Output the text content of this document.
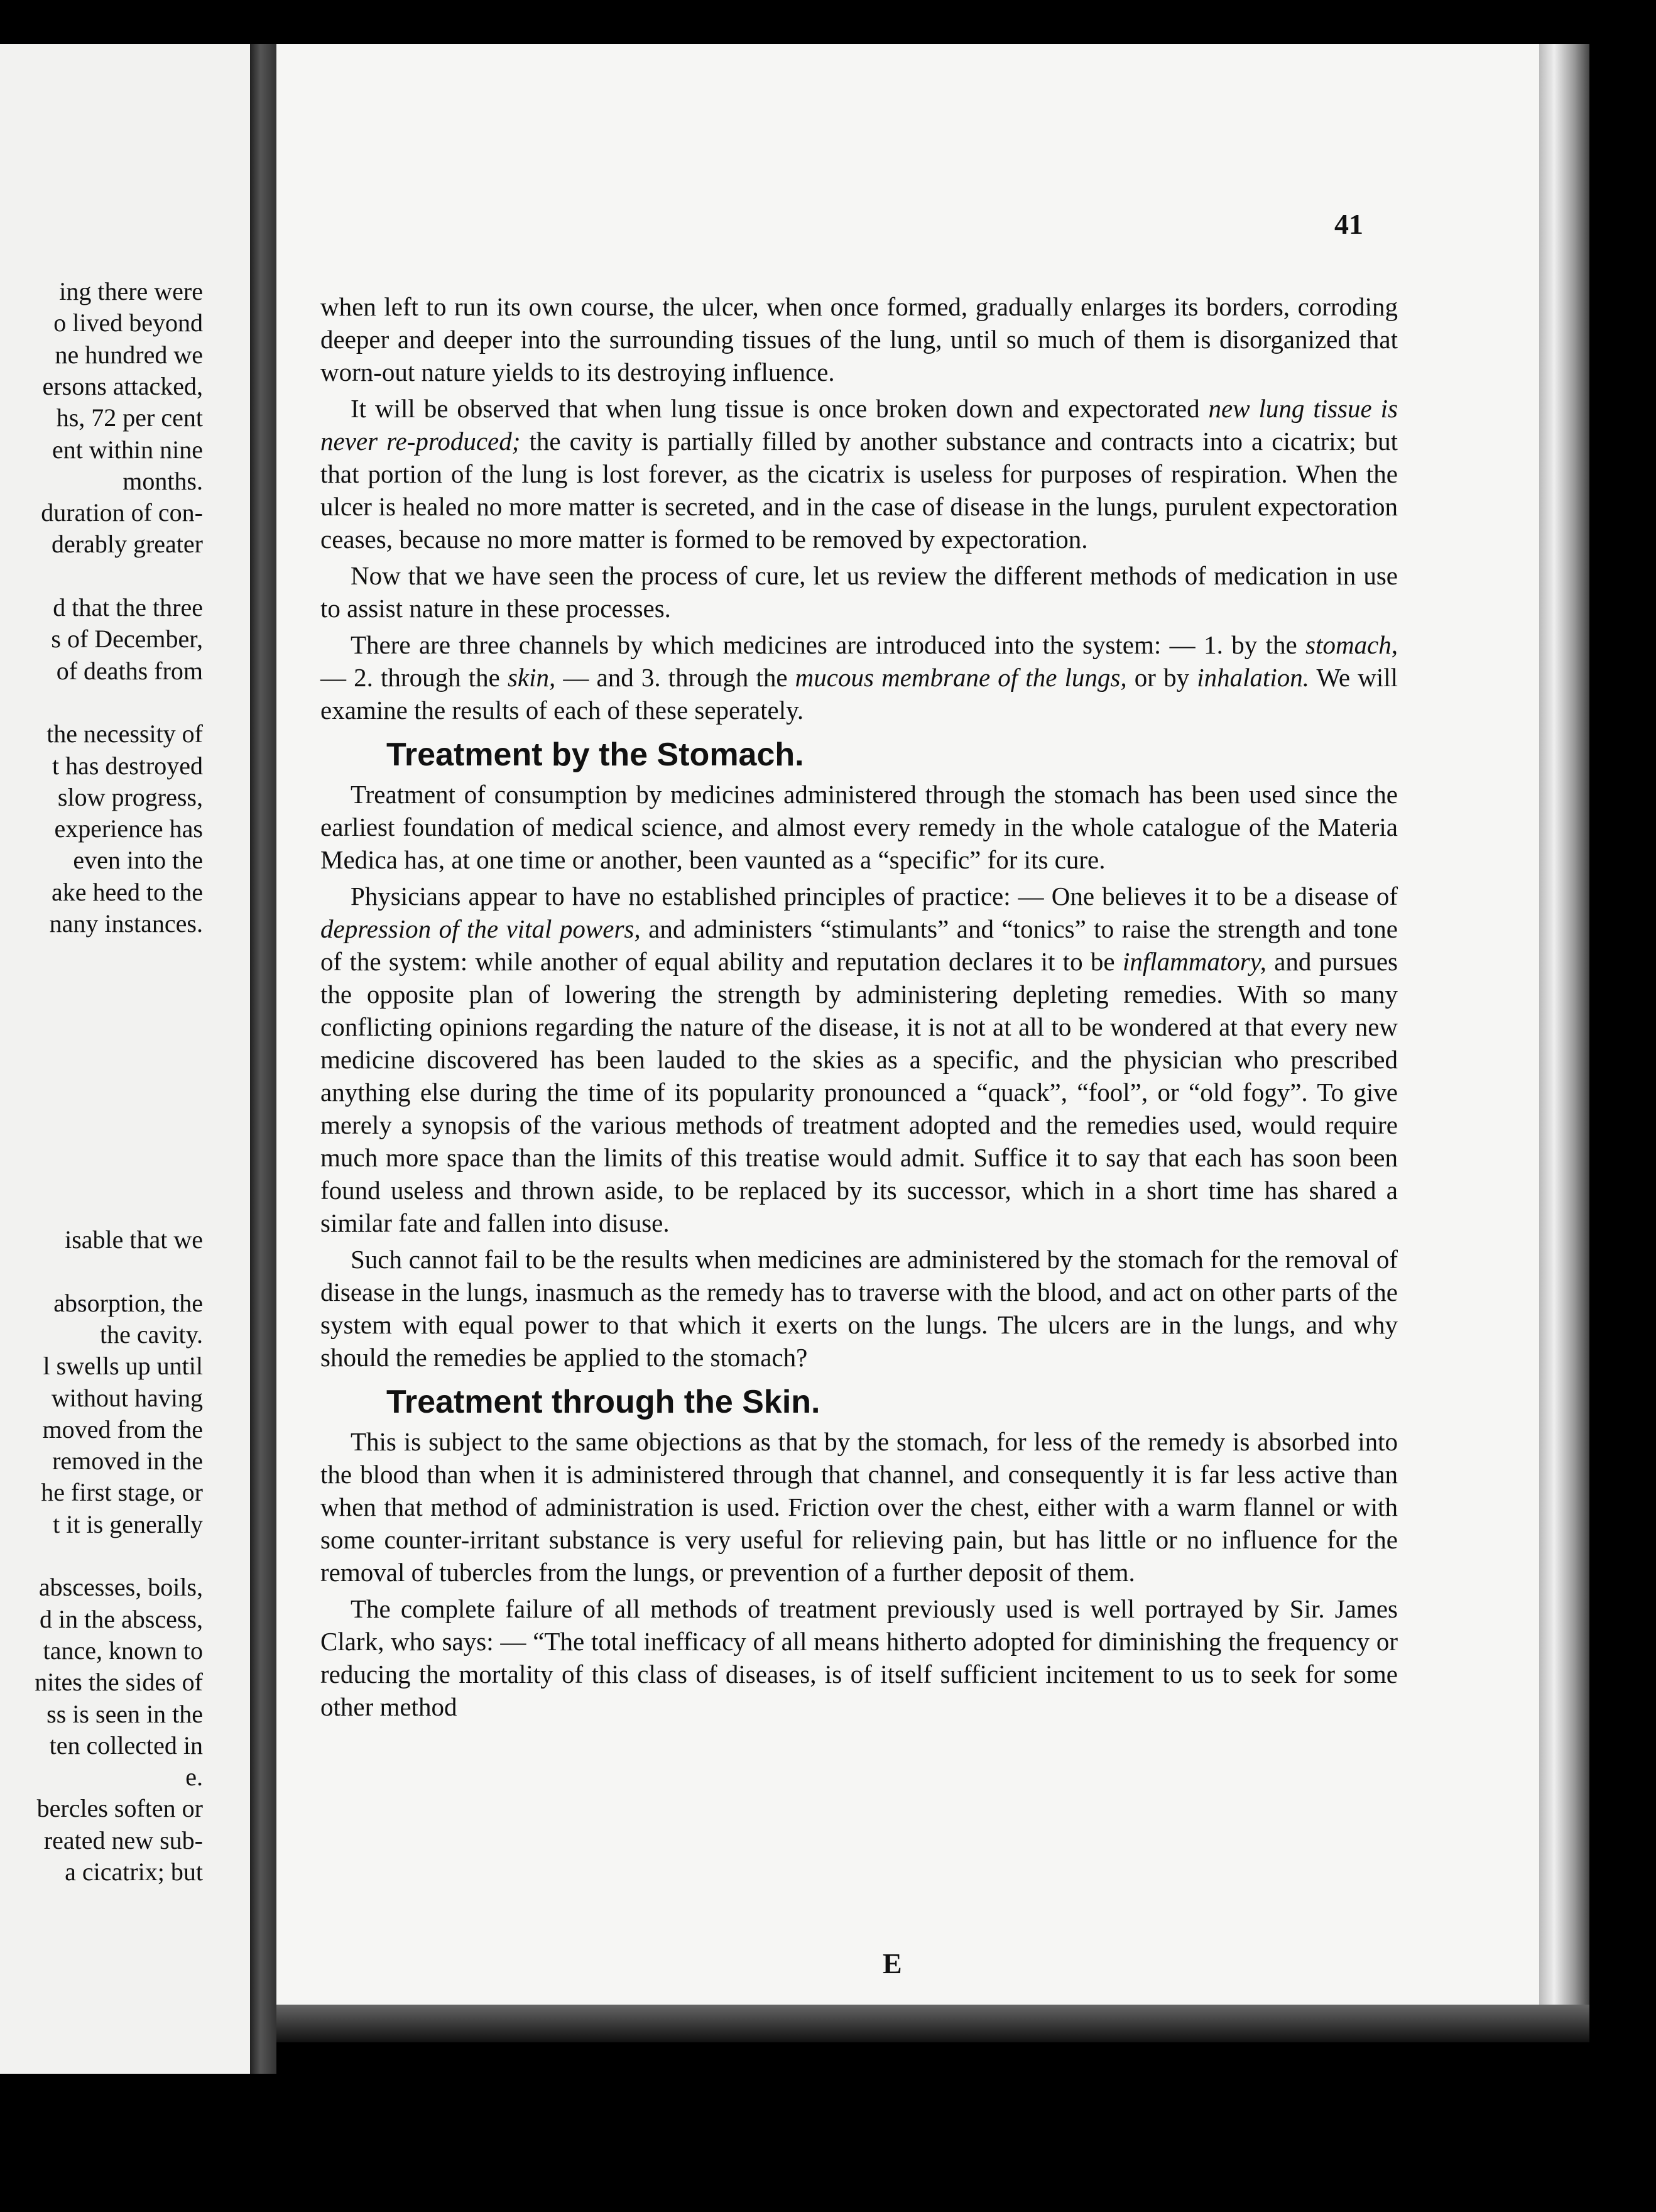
ing there were
o lived beyond
ne hundred we
ersons attacked,
hs, 72 per cent
ent within nine
months.
duration of con-
derably greater
d that the three
s of December,
of deaths from
the necessity of
t has destroyed
slow progress,
experience has
even into the
ake heed to the
nany instances.
isable that we
absorption, the
the cavity.
l swells up until
without having
moved from the
removed in the
he first stage, or
t it is generally
abscesses, boils,
d in the abscess,
tance, known to
nites the sides of
ss is seen in the
ten collected in
e.
bercles soften or
reated new sub-
a cicatrix; but
41

when left to run its own course, the ulcer, when once formed, gradually enlarges its borders, corroding deeper and deeper into the surrounding tissues of the lung, until so much of them is disorganized that worn-out nature yields to its destroying influence.

It will be observed that when lung tissue is once broken down and expectorated new lung tissue is never re-produced; the cavity is partially filled by another substance and contracts into a cicatrix; but that portion of the lung is lost forever, as the cicatrix is useless for purposes of respiration. When the ulcer is healed no more matter is secreted, and in the case of disease in the lungs, purulent expectoration ceases, because no more matter is formed to be removed by expectoration.

Now that we have seen the process of cure, let us review the different methods of medication in use to assist nature in these processes.

There are three channels by which medicines are introduced into the system: — 1. by the stomach, — 2. through the skin, — and 3. through the mucous membrane of the lungs, or by inhalation. We will examine the results of each of these seperately.

Treatment by the Stomach.

Treatment of consumption by medicines administered through the stomach has been used since the earliest foundation of medical science, and almost every remedy in the whole catalogue of the Materia Medica has, at one time or another, been vaunted as a “specific” for its cure.

Physicians appear to have no established principles of practice: — One believes it to be a disease of depression of the vital powers, and administers “stimulants” and “tonics” to raise the strength and tone of the system: while another of equal ability and reputation declares it to be inflammatory, and pursues the opposite plan of lowering the strength by administering depleting remedies. With so many conflicting opinions regarding the nature of the disease, it is not at all to be wondered at that every new medicine discovered has been lauded to the skies as a specific, and the physician who prescribed anything else during the time of its popularity pronounced a “quack”, “fool”, or “old fogy”. To give merely a synopsis of the various methods of treatment adopted and the remedies used, would require much more space than the limits of this treatise would admit. Suffice it to say that each has soon been found useless and thrown aside, to be replaced by its successor, which in a short time has shared a similar fate and fallen into disuse.

Such cannot fail to be the results when medicines are administered by the stomach for the removal of disease in the lungs, inasmuch as the remedy has to traverse with the blood, and act on other parts of the system with equal power to that which it exerts on the lungs. The ulcers are in the lungs, and why should the remedies be applied to the stomach?

Treatment through the Skin.

This is subject to the same objections as that by the stomach, for less of the remedy is absorbed into the blood than when it is administered through that channel, and consequently it is far less active than when that method of administration is used. Friction over the chest, either with a warm flannel or with some counter-irritant substance is very useful for relieving pain, but has little or no influence for the removal of tubercles from the lungs, or prevention of a further deposit of them.

The complete failure of all methods of treatment previously used is well portrayed by Sir. James Clark, who says: — “The total inefficacy of all means hitherto adopted for diminishing the frequency or reducing the mortality of this class of diseases, is of itself sufficient incitement to us to seek for some other method

E
